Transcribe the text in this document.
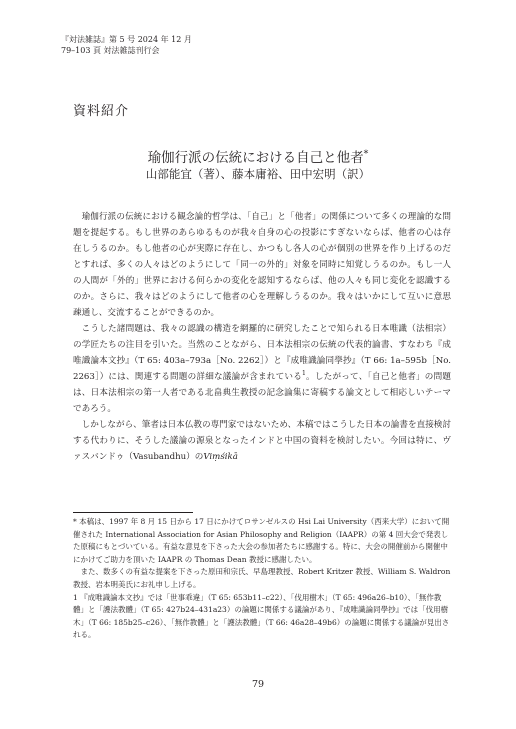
『対法雑誌』第 5 号 2024 年 12 月
79–103 頁 対法雑誌刊行会
資料紹介
瑜伽行派の伝統における自己と他者*
山部能宜（著）、藤本庸裕、田中宏明（訳）

瑜伽行派の伝統における観念論的哲学は、「自己」と「他者」の関係について多くの理論的な問題を提起する。もし世界のあらゆるものが我々自身の心の投影にすぎないならば、他者の心は存在しうるのか。もし他者の心が実際に存在し、かつもし各人の心が個別の世界を作り上げるのだとすれば、多くの人々はどのようにして「同一の外的」対象を同時に知覚しうるのか。もし一人の人間が「外的」世界における何らかの変化を認知するならば、他の人々も同じ変化を認識するのか。さらに、我々はどのようにして他者の心を理解しうるのか。我々はいかにして互いに意思疎通し、交流することができるのか。

こうした諸問題は、我々の認識の構造を網羅的に研究したことで知られる日本唯識（法相宗）の学匠たちの注目を引いた。当然のことながら、日本法相宗の伝統の代表的論書、すなわち『成唯識論本文抄』（T 65: 403a–793a［No. 2262］）と『成唯識論同學抄』（T 66: 1a–595b［No. 2263］）には、関連する問題の詳細な議論が含まれている$^1$。したがって、「自己と他者」の問題は、日本法相宗の第一人者である北畠典生教授の記念論集に寄稿する論文として相応しいテーマであろう。

しかしながら、筆者は日本仏教の専門家ではないため、本稿ではこうした日本の論書を直接検討する代わりに、そうした議論の源泉となったインドと中国の資料を検討したい。今回は特に、ヴァスバンドゥ（Vasubandhu）のViṃśikā

* 本稿は、1997 年 8 月 15 日から 17 日にかけてロサンゼルスの Hsi Lai University（西来大学）において開催された International Association for Asian Philosophy and Religion（IAAPR）の第 4 回大会で発表した原稿にもとづいている。有益な意見を下さった大会の参加者たちに感謝する。特に、大会の開催前から開催中にかけてご助力を頂いた IAAPR の Thomas Dean 教授に感謝したい。

また、数多くの有益な提案を下さった原田和宗氏、早島理教授、Robert Kritzer 教授、William S. Waldron 教授、岩本明美氏にお礼申し上げる。

1 『成唯識論本文抄』では「世事乖違」（T 65: 653b11–c22）、「伐用樹木」（T 65: 496a26–b10）、「無作教體」と「護法教體」（T 65: 427b24–431a23）の論題に関係する議論があり、『成唯識論同學抄』では「伐用樹木」（T 66: 185b25–c26）、「無作教體」と「護法教體」（T 66: 46a28–49b6）の論題に関係する議論が見出される。

79
